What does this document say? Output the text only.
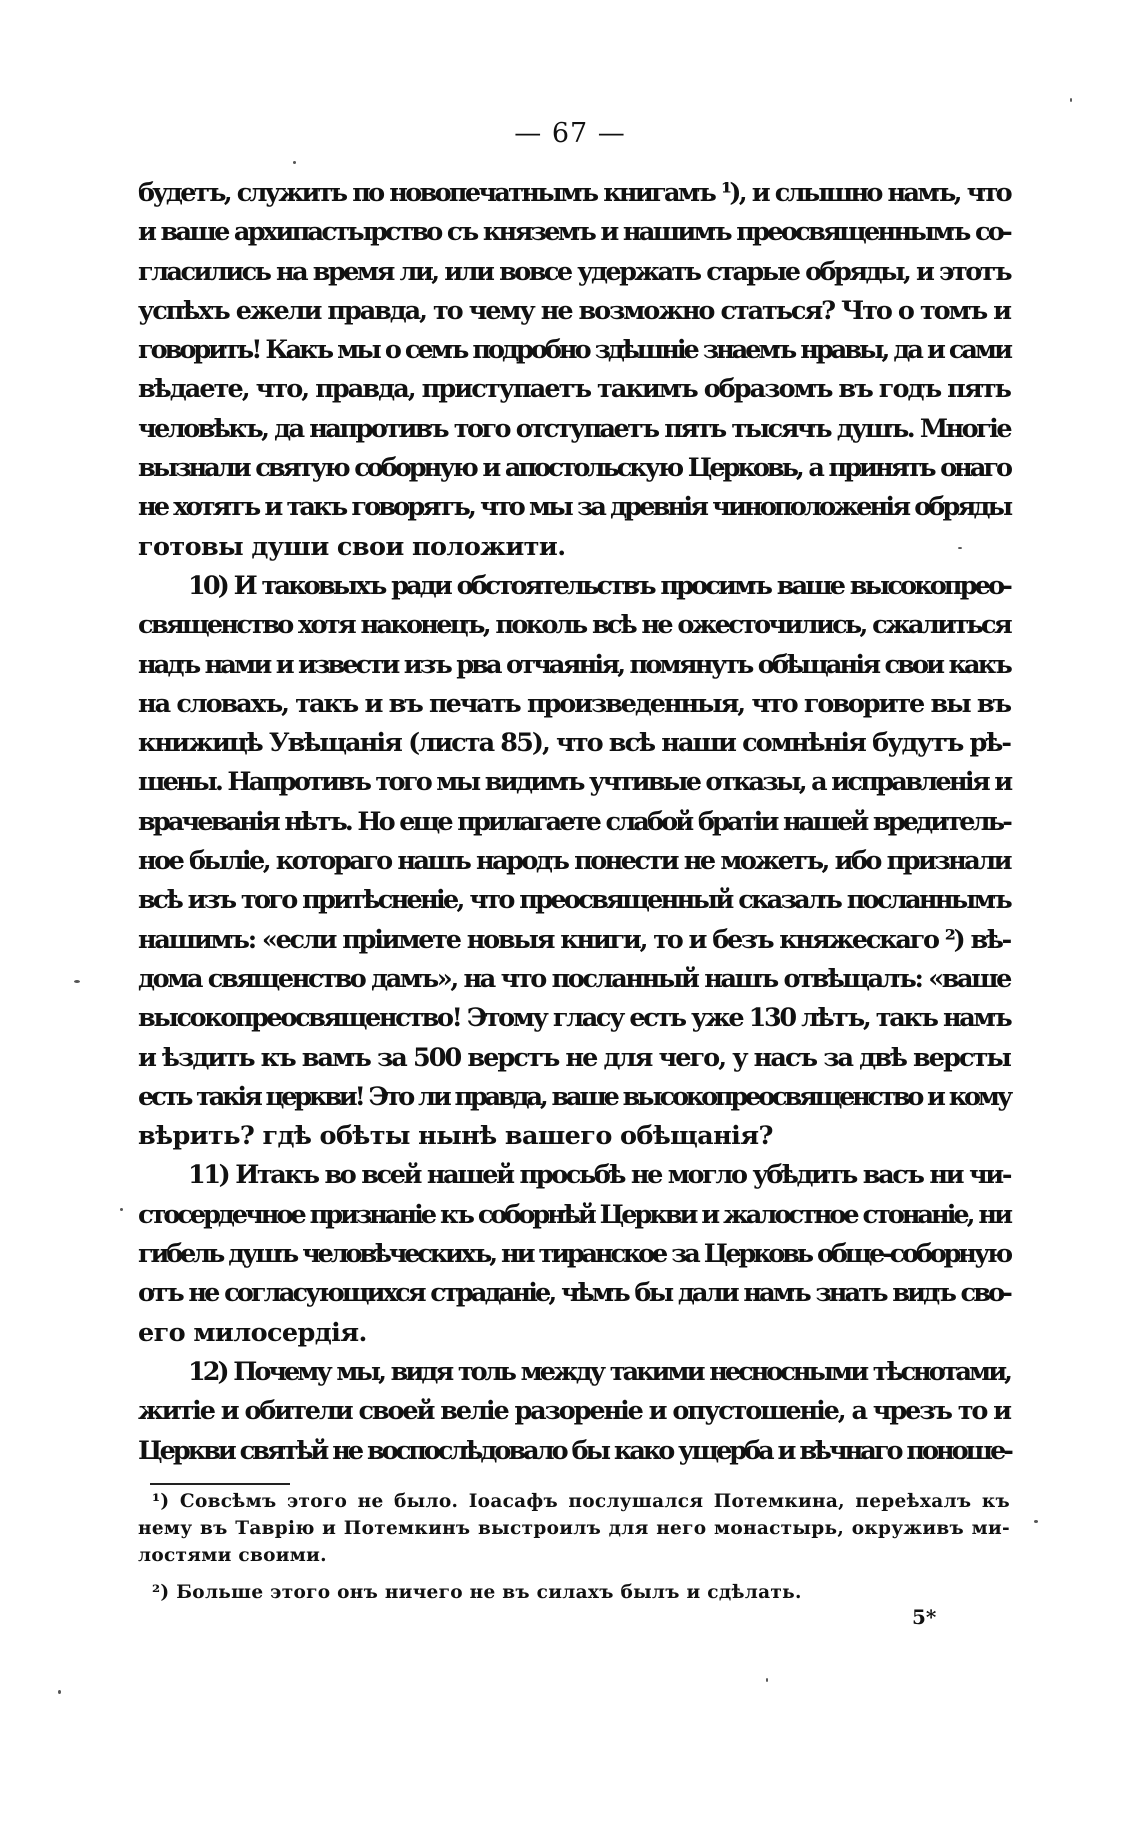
— 67 —
будетъ, служить по новопечатнымъ книгамъ ¹), и слышно намъ, что
и ваше архипастырство съ княземъ и нашимъ преосвященнымъ со-
гласились на время ли, или вовсе удержать старые обряды, и этотъ
успѣхъ ежели правда, то чему не возможно статься? Что о томъ и
говорить! Какъ мы о семъ подробно здѣшніе знаемъ нравы, да и сами
вѣдаете, что, правда, приступаетъ такимъ образомъ въ годъ пять
человѣкъ, да напротивъ того отступаетъ пять тысячъ душъ. Многіе
вызнали святую соборную и апостольскую Церковь, а принять онаго
не хотятъ и такъ говорятъ, что мы за древнія чиноположенія обряды
готовы души свои положити.
10) И таковыхъ ради обстоятельствъ просимъ ваше высокопрео-
священство хотя наконецъ, поколь всѣ не ожесточились, сжалиться
надъ нами и извести изъ рва отчаянія, помянуть обѣщанія свои какъ
на словахъ, такъ и въ печать произведенныя, что говорите вы въ
книжицѣ Увѣщанія (листа 85), что всѣ наши сомнѣнія будутъ рѣ-
шены. Напротивъ того мы видимъ учтивые отказы, а исправленія и
врачеванія нѣтъ. Но еще прилагаете слабой братіи нашей вредитель-
ное быліе, котораго нашъ народъ понести не можетъ, ибо признали
всѣ изъ того притѣсненіе, что преосвященный сказалъ посланнымъ
нашимъ: «если пріимете новыя книги, то и безъ княжескаго ²) вѣ-
дома священство дамъ», на что посланный нашъ отвѣщалъ: «ваше
высокопреосвященство! Этому гласу есть уже 130 лѣтъ, такъ намъ
и ѣздить къ вамъ за 500 верстъ не для чего, у насъ за двѣ версты
есть такія церкви! Это ли правда, ваше высокопреосвященство и кому
вѣрить? гдѣ обѣты нынѣ вашего обѣщанія?
11) Итакъ во всей нашей просьбѣ не могло убѣдить васъ ни чи-
стосердечное признаніе къ соборнѣй Церкви и жалостное стонаніе, ни
гибель душъ человѣческихъ, ни тиранское за Церковь обще-соборную
отъ не согласующихся страданіе, чѣмъ бы дали намъ знать видъ сво-
его милосердія.
12) Почему мы, видя толь между такими несносными тѣснотами,
житіе и обители своей веліе разореніе и опустошеніе, а чрезъ то и
Церкви святѣй не воспослѣдовало бы како ущерба и вѣчнаго поноше-
¹) Совсѣмъ этого не было. Іоасафъ послушался Потемкина, переѣхалъ къ
нему въ Таврію и Потемкинъ выстроилъ для него монастырь, окруживъ ми-
лостями своими.
²) Больше этого онъ ничего не въ силахъ былъ и сдѣлать.
5*
